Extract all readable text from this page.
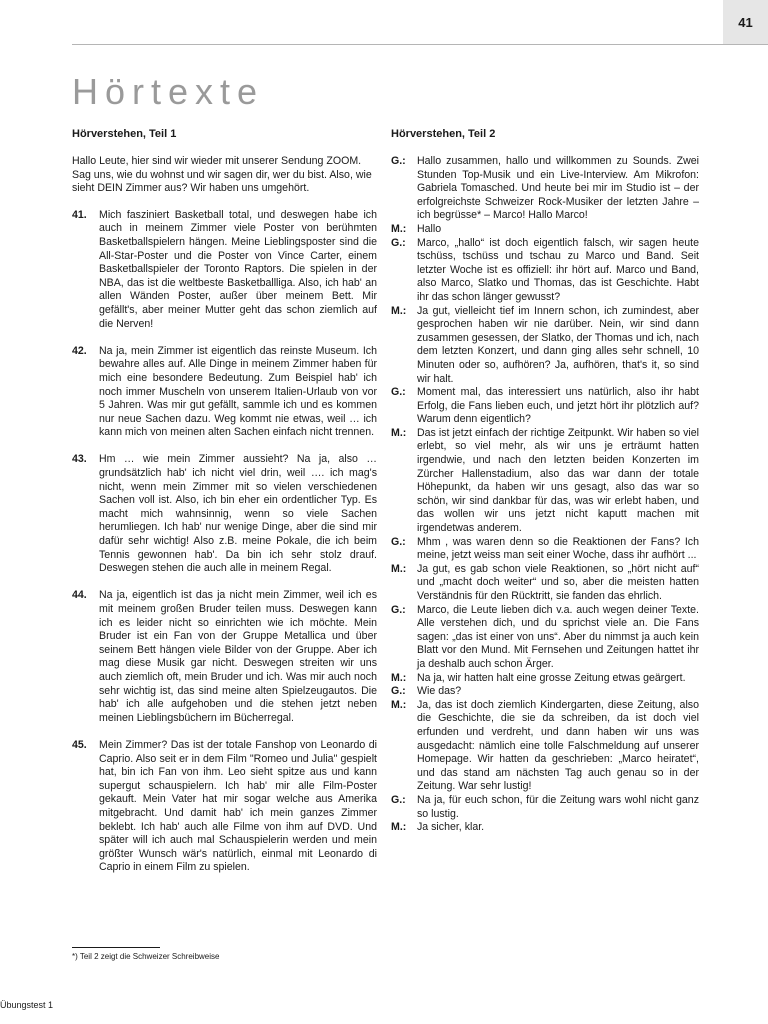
41
Hörtexte
Hörverstehen, Teil 1

Hallo Leute, hier sind wir wieder mit unserer Sendung ZOOM. Sag uns, wie du wohnst und wir sagen dir, wer du bist. Also, wie sieht DEIN Zimmer aus? Wir haben uns umgehört.

41.	Mich fasziniert Basketball total, und deswegen habe ich auch in meinem Zimmer viele Poster von berühmten Basketballspielern hängen. Meine Lieblingsposter sind die All-Star-Poster und die Poster von Vince Carter, einem Basketballspieler der Toronto Raptors. Die spielen in der NBA, das ist die weltbeste Basketballliga. Also, ich hab' an allen Wänden Poster, außer über meinem Bett. Mir gefällt's, aber meiner Mutter geht das schon ziemlich auf die Nerven!
42.	Na ja, mein Zimmer ist eigentlich das reinste Museum. Ich bewahre alles auf. Alle Dinge in meinem Zimmer haben für mich eine besondere Bedeutung. Zum Beispiel hab' ich noch immer Muscheln von unserem Italien-Urlaub von vor 5 Jahren. Was mir gut gefällt, sammle ich und es kommen nur neue Sachen dazu. Weg kommt nie etwas, weil … ich kann mich von meinen alten Sachen einfach nicht trennen.
43.	Hm … wie mein Zimmer aussieht? Na ja, also … grundsätzlich hab' ich nicht viel drin, weil …. ich mag's nicht, wenn mein Zimmer mit so vielen verschiedenen Sachen voll ist. Also, ich bin eher ein ordentlicher Typ. Es macht mich wahnsinnig, wenn so viele Sachen herumliegen. Ich hab' nur wenige Dinge, aber die sind mir dafür sehr wichtig! Also z.B. meine Pokale, die ich beim Tennis gewonnen hab'. Da bin ich sehr stolz drauf. Deswegen stehen die auch alle in meinem Regal.
44.	Na ja, eigentlich ist das ja nicht mein Zimmer, weil ich es mit meinem großen Bruder teilen muss. Deswegen kann ich es leider nicht so einrichten wie ich möchte. Mein Bruder ist ein Fan von der Gruppe Metallica und über seinem Bett hängen viele Bilder von der Gruppe. Aber ich mag diese Musik gar nicht. Deswegen streiten wir uns auch ziemlich oft, mein Bruder und ich. Was mir auch noch sehr wichtig ist, das sind meine alten Spielzeugautos. Die hab' ich alle aufgehoben und die stehen jetzt neben meinen Lieblingsbüchern im Bücherregal.
45.	Mein Zimmer? Das ist der totale Fanshop von Leonardo di Caprio. Also seit er in dem Film "Romeo und Julia" gespielt hat, bin ich Fan von ihm. Leo sieht spitze aus und kann supergut schauspielern. Ich hab' mir alle Film-Poster gekauft. Mein Vater hat mir sogar welche aus Amerika mitgebracht. Und damit hab' ich mein ganzes Zimmer beklebt. Ich hab' auch alle Filme von ihm auf DVD. Und später will ich auch mal Schauspielerin werden und mein größter Wunsch wär's natürlich, einmal mit Leonardo di Caprio in einem Film zu spielen.
Hörverstehen, Teil 2
G.:	Hallo zusammen, hallo und willkommen zu Sounds. Zwei Stunden Top-Musik und ein Live-Interview. Am Mikrofon: Gabriela Tomasched. Und heute bei mir im Studio ist – der erfolgreichste Schweizer Rock-Musiker der letzten Jahre – ich begrüsse* – Marco! Hallo Marco!
M.:	Hallo
G.:	Marco, „hallo“ ist doch eigentlich falsch, wir sagen heute tschüss, tschüss und tschau zu Marco und Band. Seit letzter Woche ist es offiziell: ihr hört auf. Marco und Band, also Marco, Slatko und Thomas, das ist Geschichte. Habt ihr das schon länger gewusst?
M.:	Ja gut, vielleicht tief im Innern schon, ich zumindest, aber gesprochen haben wir nie darüber. Nein, wir sind dann zusammen gesessen, der Slatko, der Thomas und ich, nach dem letzten Konzert, und dann ging alles sehr schnell, 10 Minuten oder so, aufhören? Ja, aufhören, that's it, so sind wir halt.
G.:	Moment mal, das interessiert uns natürlich, also ihr habt Erfolg, die Fans lieben euch, und jetzt hört ihr plötzlich auf? Warum denn eigentlich?
M.:	Das ist jetzt einfach der richtige Zeitpunkt. Wir haben so viel erlebt, so viel mehr, als wir uns je erträumt hatten irgendwie, und nach den letzten beiden Konzerten im Zürcher Hallenstadium, also das war dann der totale Höhepunkt, da haben wir uns gesagt, also das war so schön, wir sind dankbar für das, was wir erlebt haben, und das wollen wir uns jetzt nicht kaputt machen mit irgendetwas anderem.
G.:	Mhm , was waren denn so die Reaktionen der Fans? Ich meine, jetzt weiss man seit einer Woche, dass ihr aufhört ...
M.:	Ja gut, es gab schon viele Reaktionen, so „hört nicht auf“ und „macht doch weiter“ und so, aber die meisten hatten Verständnis für den Rücktritt, sie fanden das ehrlich.
G.:	Marco, die Leute lieben dich v.a. auch wegen deiner Texte. Alle verstehen dich, und du sprichst viele an. Die Fans sagen: „das ist einer von uns“. Aber du nimmst ja auch kein Blatt vor den Mund. Mit Fernsehen und Zeitungen hattet ihr ja deshalb auch schon Ärger.
M.:	Na ja, wir hatten halt eine grosse Zeitung etwas geärgert.
G.:	Wie das?
M.:	Ja, das ist doch ziemlich Kindergarten, diese Zeitung, also die Geschichte, die sie da schreiben, da ist doch viel erfunden und verdreht, und dann haben wir uns was ausgedacht: nämlich eine tolle Falschmeldung auf unserer Homepage. Wir hatten da geschrieben: „Marco heiratet“, und das stand am nächsten Tag auch genau so in der Zeitung. War sehr lustig!
G.:	Na ja, für euch schon, für die Zeitung wars wohl nicht ganz so lustig.
M.:	Ja sicher, klar.
*) Teil 2 zeigt die Schweizer Schreibweise
Übungstest 1
